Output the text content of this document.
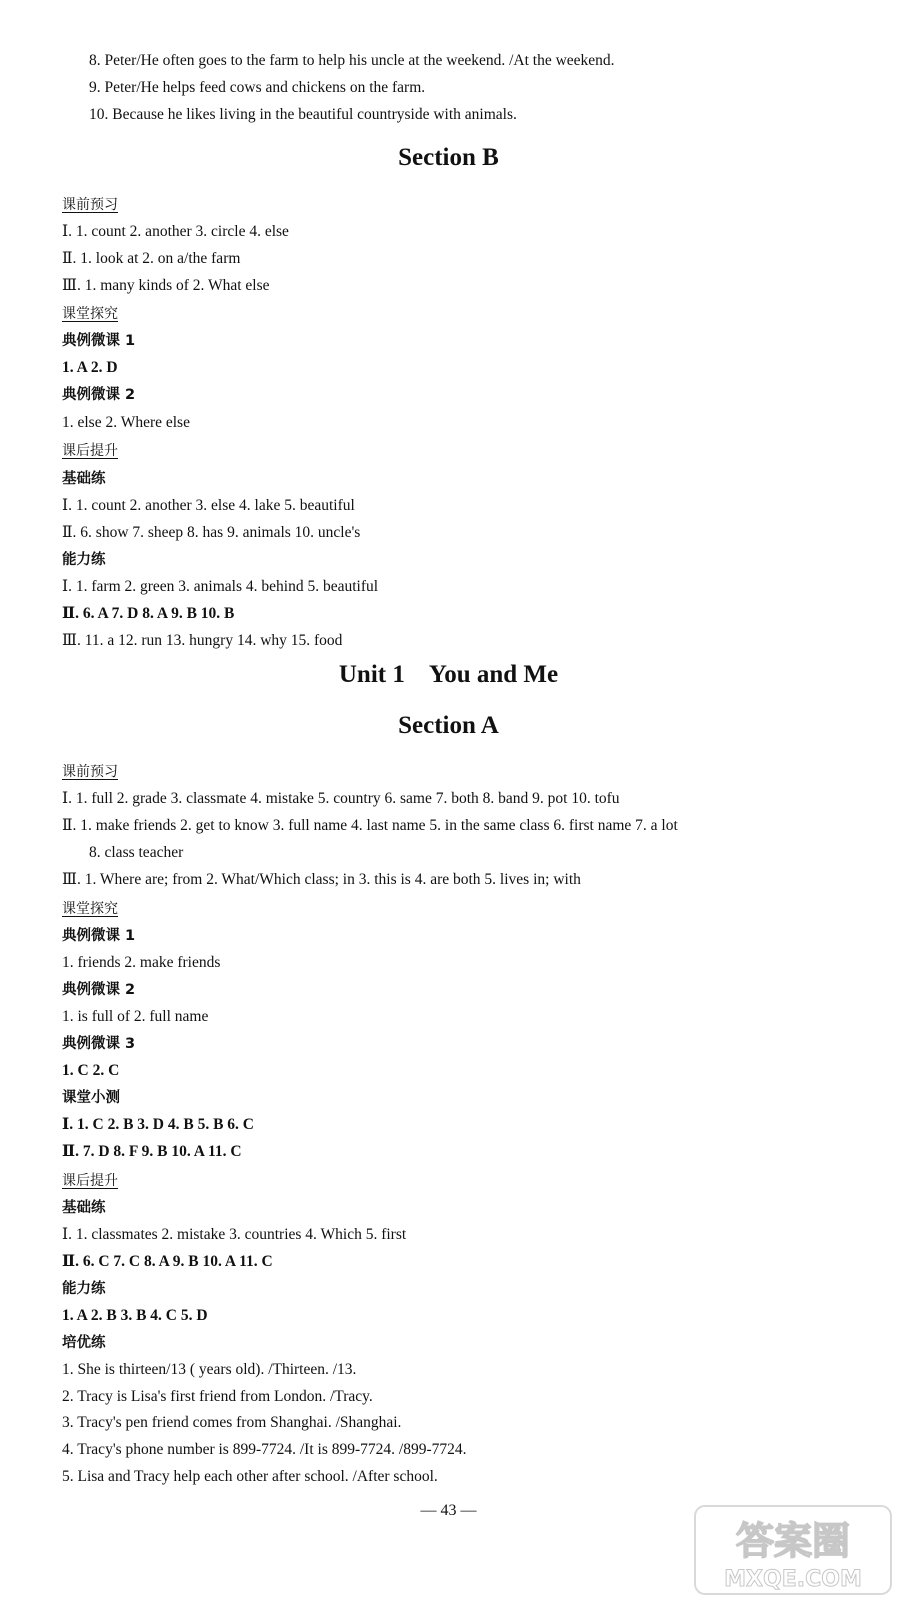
8. Peter/He often goes to the farm to help his uncle at the weekend. /At the weekend.
9. Peter/He helps feed cows and chickens on the farm.
10. Because he likes living in the beautiful countryside with animals.
Section B
课前预习
Ⅰ. 1. count 2. another 3. circle 4. else
Ⅱ. 1. look at 2. on a/the farm
Ⅲ. 1. many kinds of 2. What else
课堂探究
典例微课 1
1. A 2. D
典例微课 2
1. else 2. Where else
课后提升
基础练
Ⅰ. 1. count 2. another 3. else 4. lake 5. beautiful
Ⅱ. 6. show 7. sheep 8. has 9. animals 10. uncle's
能力练
Ⅰ. 1. farm 2. green 3. animals 4. behind 5. beautiful
Ⅱ. 6. A 7. D 8. A 9. B 10. B
Ⅲ. 11. a 12. run 13. hungry 14. why 15. food
Unit 1    You and Me
Section A
课前预习
Ⅰ. 1. full 2. grade 3. classmate 4. mistake 5. country 6. same 7. both 8. band 9. pot 10. tofu
Ⅱ. 1. make friends 2. get to know 3. full name 4. last name 5. in the same class 6. first name 7. a lot
8. class teacher
Ⅲ. 1. Where are; from 2. What/Which class; in 3. this is 4. are both 5. lives in; with
课堂探究
典例微课 1
1. friends 2. make friends
典例微课 2
1. is full of 2. full name
典例微课 3
1. C 2. C
课堂小测
Ⅰ. 1. C 2. B 3. D 4. B 5. B 6. C
Ⅱ. 7. D 8. F 9. B 10. A 11. C
课后提升
基础练
Ⅰ. 1. classmates 2. mistake 3. countries 4. Which 5. first
Ⅱ. 6. C 7. C 8. A 9. B 10. A 11. C
能力练
1. A 2. B 3. B 4. C 5. D
培优练
1. She is thirteen/13 ( years old). /Thirteen. /13.
2. Tracy is Lisa's first friend from London. /Tracy.
3. Tracy's pen friend comes from Shanghai. /Shanghai.
4. Tracy's phone number is 899-7724. /It is 899-7724. /899-7724.
5. Lisa and Tracy help each other after school. /After school.
— 43 —
答案圈
MXQE.COM
